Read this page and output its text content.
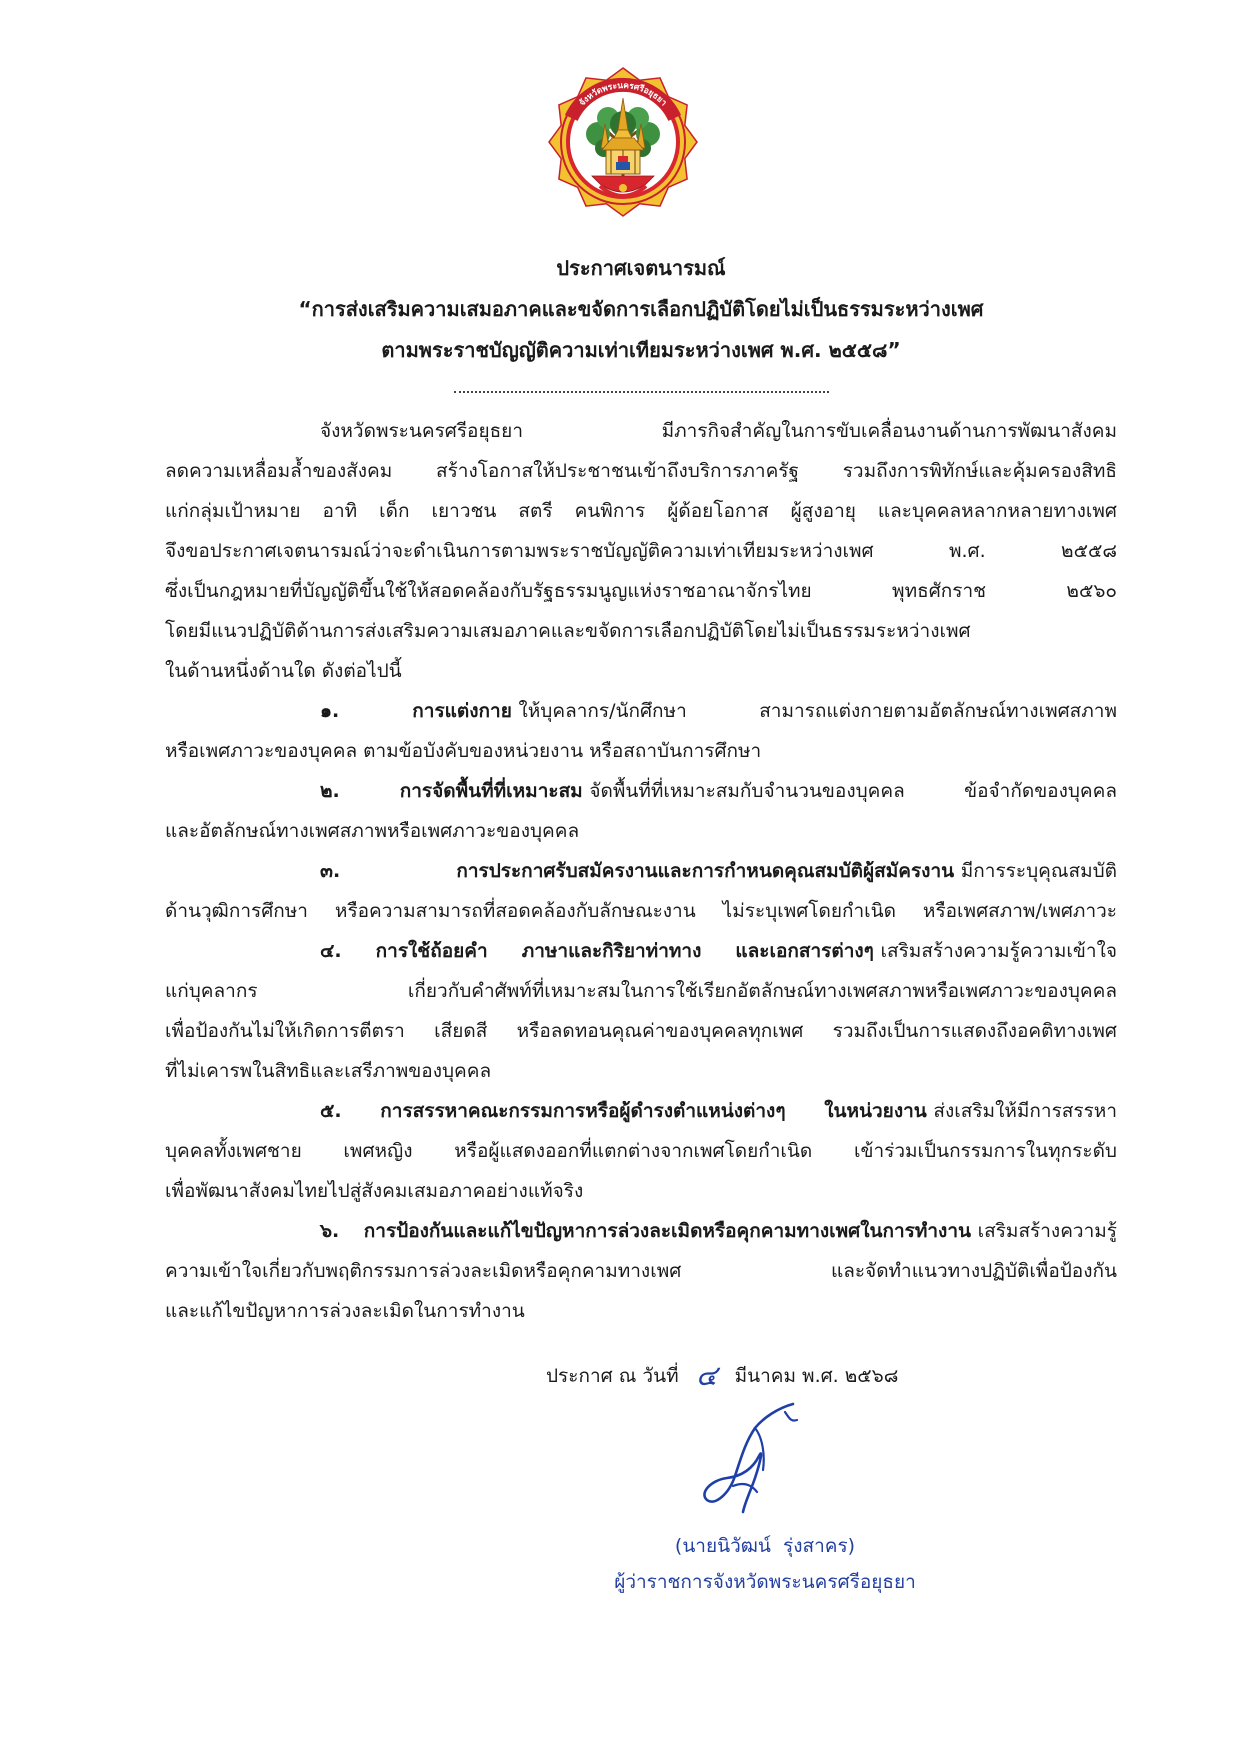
จังหวัดพระนครศรีอยุธยา
ประกาศเจตนารมณ์
“การส่งเสริมความเสมอภาคและขจัดการเลือกปฏิบัติโดยไม่เป็นธรรมระหว่างเพศ
ตามพระราชบัญญัติความเท่าเทียมระหว่างเพศ พ.ศ. ๒๕๕๘”
จังหวัดพระนครศรีอยุธยา มีภารกิจสำคัญในการขับเคลื่อนงานด้านการพัฒนาสังคม
ลดความเหลื่อมล้ำของสังคม สร้างโอกาสให้ประชาชนเข้าถึงบริการภาครัฐ รวมถึงการพิทักษ์และคุ้มครองสิทธิ
แก่กลุ่มเป้าหมาย อาทิ เด็ก เยาวชน สตรี คนพิการ ผู้ด้อยโอกาส ผู้สูงอายุ และบุคคลหลากหลายทางเพศ
จึงขอประกาศเจตนารมณ์ว่าจะดำเนินการตามพระราชบัญญัติความเท่าเทียมระหว่างเพศ พ.ศ. ๒๕๕๘
ซึ่งเป็นกฎหมายที่บัญญัติขึ้นใช้ให้สอดคล้องกับรัฐธรรมนูญแห่งราชอาณาจักรไทย พุทธศักราช ๒๕๖๐
โดยมีแนวปฏิบัติด้านการส่งเสริมความเสมอภาคและขจัดการเลือกปฏิบัติโดยไม่เป็นธรรมระหว่างเพศ
ในด้านหนึ่งด้านใด ดังต่อไปนี้
๑. การแต่งกาย ให้บุคลากร/นักศึกษา สามารถแต่งกายตามอัตลักษณ์ทางเพศสภาพ
หรือเพศภาวะของบุคคล ตามข้อบังคับของหน่วยงาน หรือสถาบันการศึกษา
๒. การจัดพื้นที่ที่เหมาะสม จัดพื้นที่ที่เหมาะสมกับจำนวนของบุคคล ข้อจำกัดของบุคคล
และอัตลักษณ์ทางเพศสภาพหรือเพศภาวะของบุคคล
๓. การประกาศรับสมัครงานและการกำหนดคุณสมบัติผู้สมัครงาน มีการระบุคุณสมบัติ
ด้านวุฒิการศึกษา หรือความสามารถที่สอดคล้องกับลักษณะงาน ไม่ระบุเพศโดยกำเนิด หรือเพศสภาพ/เพศภาวะ
๔. การใช้ถ้อยคำ ภาษาและกิริยาท่าทาง และเอกสารต่างๆ เสริมสร้างความรู้ความเข้าใจ
แก่บุคลากร เกี่ยวกับคำศัพท์ที่เหมาะสมในการใช้เรียกอัตลักษณ์ทางเพศสภาพหรือเพศภาวะของบุคคล
เพื่อป้องกันไม่ให้เกิดการตีตรา เสียดสี หรือลดทอนคุณค่าของบุคคลทุกเพศ รวมถึงเป็นการแสดงถึงอคติทางเพศ
ที่ไม่เคารพในสิทธิและเสรีภาพของบุคคล
๕. การสรรหาคณะกรรมการหรือผู้ดำรงตำแหน่งต่างๆ ในหน่วยงาน ส่งเสริมให้มีการสรรหา
บุคคลทั้งเพศชาย เพศหญิง หรือผู้แสดงออกที่แตกต่างจากเพศโดยกำเนิด เข้าร่วมเป็นกรรมการในทุกระดับ
เพื่อพัฒนาสังคมไทยไปสู่สังคมเสมอภาคอย่างแท้จริง
๖. การป้องกันและแก้ไขปัญหาการล่วงละเมิดหรือคุกคามทางเพศในการทำงาน เสริมสร้างความรู้
ความเข้าใจเกี่ยวกับพฤติกรรมการล่วงละเมิดหรือคุกคามทางเพศ และจัดทำแนวทางปฏิบัติเพื่อป้องกัน
และแก้ไขปัญหาการล่วงละเมิดในการทำงาน
ประกาศ ณ วันที่ ๔ มีนาคม พ.ศ. ๒๕๖๘
(นายนิวัฒน์  รุ่งสาคร)
ผู้ว่าราชการจังหวัดพระนครศรีอยุธยา
